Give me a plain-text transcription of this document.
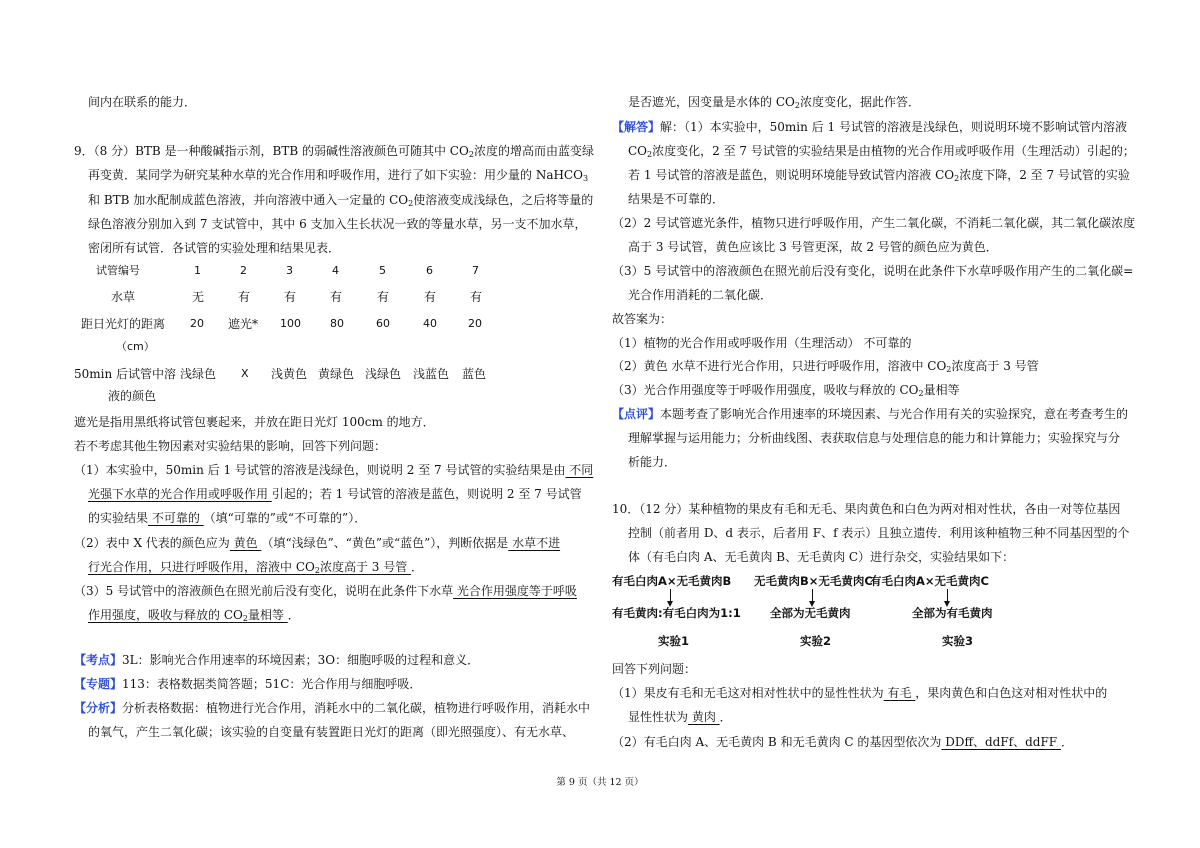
间内在联系的能力．
9．（8 分）BTB 是一种酸碱指示剂，BTB 的弱碱性溶液颜色可随其中 $CO_2$浓度的增高而由蓝变绿
再变黄．某同学为研究某种水草的光合作用和呼吸作用，进行了如下实验：用少量的 NaHCO$_3$
和 BTB 加水配制成蓝色溶液，并向溶液中通入一定量的 $CO_2$使溶液变成浅绿色，之后将等量的
绿色溶液分别加入到 7 支试管中，其中 6 支加入生长状况一致的等量水草，另一支不加水草，
密闭所有试管．各试管的实验处理和结果见表．
试管编号	1	2	3	4	5	6	7
水草	无	有	有	有	有	有	有
距日光灯的距离 20 遮光* 100	80	60	40	20
（cm）
50min 后试管中溶 浅绿色 X 浅黄色 黄绿色 浅绿色 浅蓝色 蓝色
液的颜色
遮光是指用黑纸将试管包裹起来，并放在距日光灯 100cm 的地方．
若不考虑其他生物因素对实验结果的影响，回答下列问题：
（1）本实验中，50min 后 1 号试管的溶液是浅绿色，则说明 2 至 7 号试管的实验结果是由 不同
光强下水草的光合作用或呼吸作用 引起的；若 1 号试管的溶液是蓝色，则说明 2 至 7 号试管
的实验结果 不可靠的 （填“可靠的”或“不可靠的”）．
（2）表中 X 代表的颜色应为 黄色 （填“浅绿色”、“黄色”或“蓝色”），判断依据是 水草不进
行光合作用，只进行呼吸作用，溶液中 $CO_2$浓度高于 3 号管 ．
（3）5 号试管中的溶液颜色在照光前后没有变化，说明在此条件下水草 光合作用强度等于呼吸
作用强度，吸收与释放的 $CO_2$量相等 ．
【考点】3L：影响光合作用速率的环境因素；3O：细胞呼吸的过程和意义．
【专题】113：表格数据类简答题；51C：光合作用与细胞呼吸．
【分析】分析表格数据：植物进行光合作用，消耗水中的二氧化碳，植物进行呼吸作用，消耗水中
的氧气，产生二氧化碳；该实验的自变量有装置距日光灯的距离（即光照强度）、有无水草、
是否遮光，因变量是水体的 $CO_2$浓度变化，据此作答．
【解答】解：（1）本实验中，50min 后 1 号试管的溶液是浅绿色，则说明环境不影响试管内溶液
$CO_2$浓度变化，2 至 7 号试管的实验结果是由植物的光合作用或呼吸作用（生理活动）引起的；
若 1 号试管的溶液是蓝色，则说明环境能导致试管内溶液 $CO_2$浓度下降，2 至 7 号试管的实验
结果是不可靠的．
（2）2 号试管遮光条件，植物只进行呼吸作用，产生二氧化碳，不消耗二氧化碳，其二氧化碳浓度
高于 3 号试管，黄色应该比 3 号管更深，故 2 号管的颜色应为黄色．
（3）5 号试管中的溶液颜色在照光前后没有变化，说明在此条件下水草呼吸作用产生的二氧化碳=
光合作用消耗的二氧化碳．
故答案为：
（1）植物的光合作用或呼吸作用（生理活动） 不可靠的
（2）黄色 水草不进行光合作用，只进行呼吸作用，溶液中 $CO_2$浓度高于 3 号管
（3）光合作用强度等于呼吸作用强度，吸收与释放的 $CO_2$量相等
【点评】本题考查了影响光合作用速率的环境因素、与光合作用有关的实验探究，意在考查考生的
理解掌握与运用能力；分析曲线图、表获取信息与处理信息的能力和计算能力；实验探究与分
析能力．
10．（12 分）某种植物的果皮有毛和无毛、果肉黄色和白色为两对相对性状，各由一对等位基因
控制（前者用 D、d 表示，后者用 F、f 表示）且独立遗传．利用该种植物三种不同基因型的个
体（有毛白肉 A、无毛黄肉 B、无毛黄肉 C）进行杂交，实验结果如下：
有毛白肉A×无毛黄肉B
有毛黄肉:有毛白肉为1:1
实验1
无毛黄肉B×无毛黄肉C
全部为无毛黄肉
实验2
有毛白肉A×无毛黄肉C
全部为有毛黄肉
实验3
回答下列问题：
（1）果皮有毛和无毛这对相对性状中的显性性状为 有毛 ，果肉黄色和白色这对相对性状中的
显性性状为 黄肉 ．
（2）有毛白肉 A、无毛黄肉 B 和无毛黄肉 C 的基因型依次为 DDff、ddFf、ddFF ．
第 9 页（共 12 页）
